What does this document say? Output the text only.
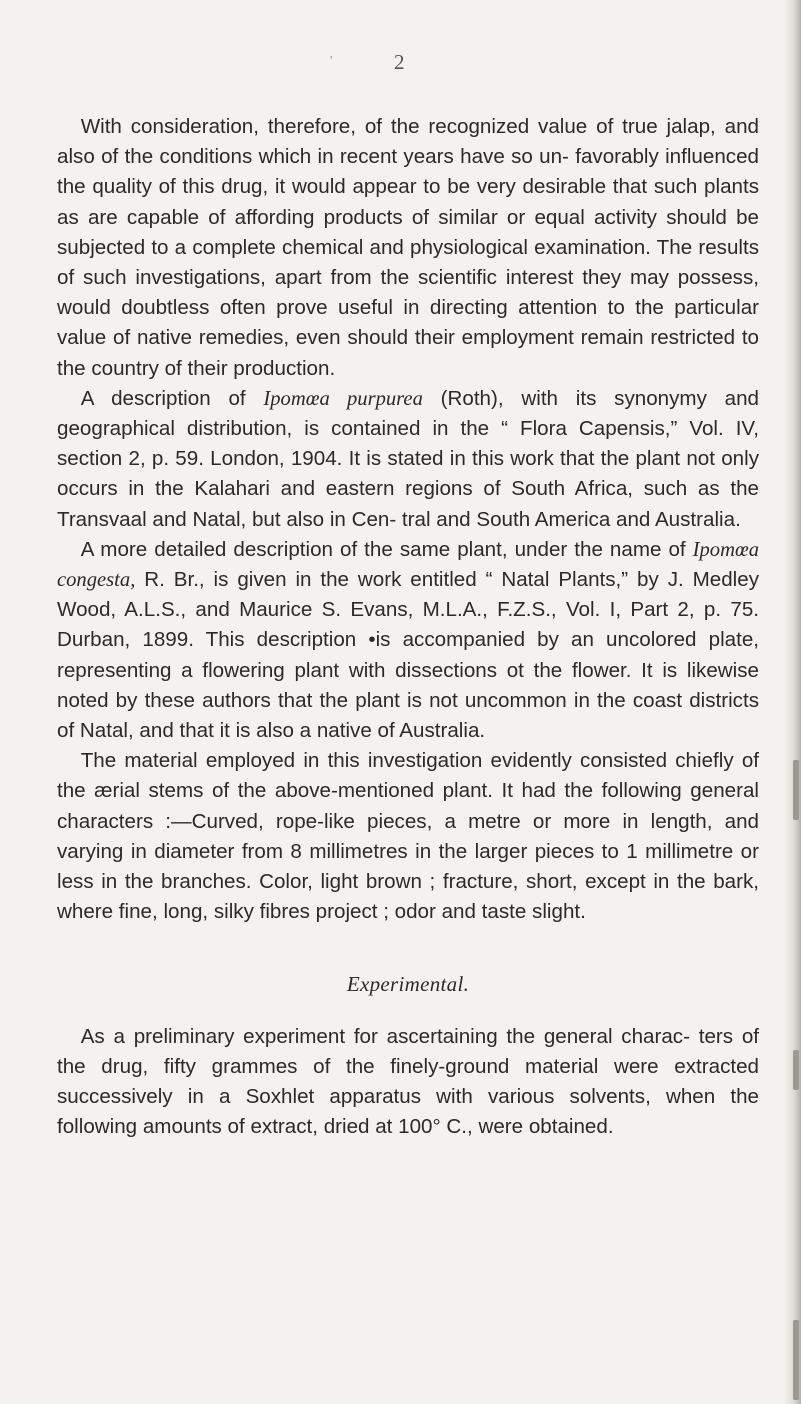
'	2

With consideration, therefore, of the recognized value of true jalap, and also of the conditions which in recent years have so un- favorably influenced the quality of this drug, it would appear to be very desirable that such plants as are capable of affording products of similar or equal activity should be subjected to a complete chemical and physiological examination. The results of such investigations, apart from the scientific interest they may possess, would doubtless often prove useful in directing attention to the particular value of native remedies, even should their employment remain restricted to the country of their production.

A description of Ipomœa purpurea (Roth), with its synonymy and geographical distribution, is contained in the “ Flora Capensis,” Vol. IV, section 2, p. 59. London, 1904. It is stated in this work that the plant not only occurs in the Kalahari and eastern regions of South Africa, such as the Transvaal and Natal, but also in Cen- tral and South America and Australia.

A more detailed description of the same plant, under the name of Ipomœa congesta, R. Br., is given in the work entitled “ Natal Plants,” by J. Medley Wood, A.L.S., and Maurice S. Evans, M.L.A., F.Z.S., Vol. I, Part 2, p. 75. Durban, 1899. This description •is accompanied by an uncolored plate, representing a flowering plant with dissections ot the flower. It is likewise noted by these authors that the plant is not uncommon in the coast districts of Natal, and that it is also a native of Australia.

The material employed in this investigation evidently consisted chiefly of the ærial stems of the above-mentioned plant. It had the following general characters :—Curved, rope-like pieces, a metre or more in length, and varying in diameter from 8 millimetres in the larger pieces to 1 millimetre or less in the branches. Color, light brown ; fracture, short, except in the bark, where fine, long, silky fibres project ; odor and taste slight.

Experimental.

As a preliminary experiment for ascertaining the general charac- ters of the drug, fifty grammes of the finely-ground material were extracted successively in a Soxhlet apparatus with various solvents, when the following amounts of extract, dried at 100° C., were obtained.
